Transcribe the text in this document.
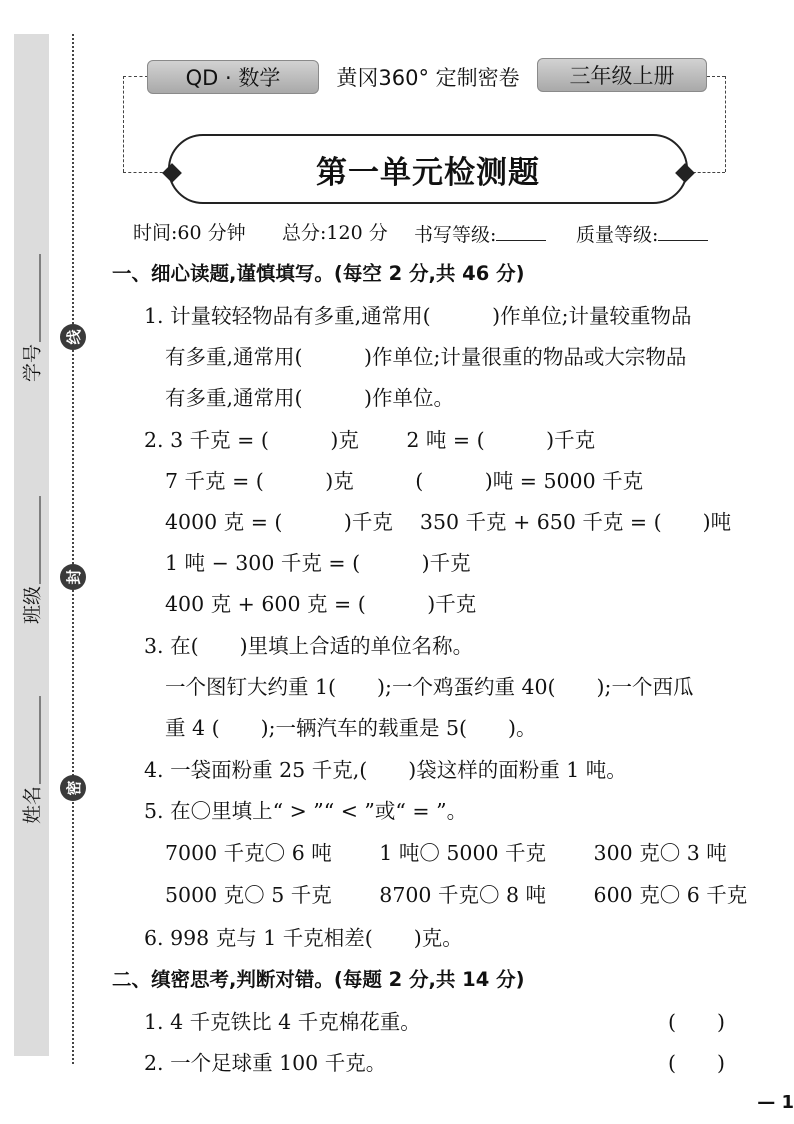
学号
班级
姓名
线
封
密
QD · 数学	黄冈360° 定制密卷	三年级上册
第一单元检测题
时间:60 分钟 总分:120 分 书写等级:	质量等级:
一、细心读题,谨慎填写。(每空 2 分,共 46 分)
1. 计量较轻物品有多重,通常用(　　　)作单位;计量较重物品
有多重,通常用(　　　)作单位;计量很重的物品或大宗物品
有多重,通常用(　　　)作单位。
2. 3 千克 = (　　　)克　　 2 吨 = (　　　)千克
7 千克 = (　　　)克　　　(　　　)吨 = 5000 千克
4000 克 = (　　　)千克　 350 千克 + 650 千克 = (　　)吨
1 吨 − 300 千克 = (　　　)千克
400 克 + 600 克 = (　　　)千克
3. 在(　　)里填上合适的单位名称。
一个图钉大约重 1(　　);一个鸡蛋约重 40(　　);一个西瓜
重 4 (　　);一辆汽车的载重是 5(　　)。
4. 一袋面粉重 25 千克,(　　)袋这样的面粉重 1 吨。
5. 在〇里填上“ > ”“ < ”或“ = ”。
7000 千克〇 6 吨　　 1 吨〇 5000 千克　　 300 克〇 3 吨
5000 克〇 5 千克　　 8700 千克〇 8 吨　　 600 克〇 6 千克
6. 998 克与 1 千克相差(　　)克。
二、缜密思考,判断对错。(每题 2 分,共 14 分)
1. 4 千克铁比 4 千克棉花重。	(　　)
2. 一个足球重 100 千克。	(　　)
— 1
